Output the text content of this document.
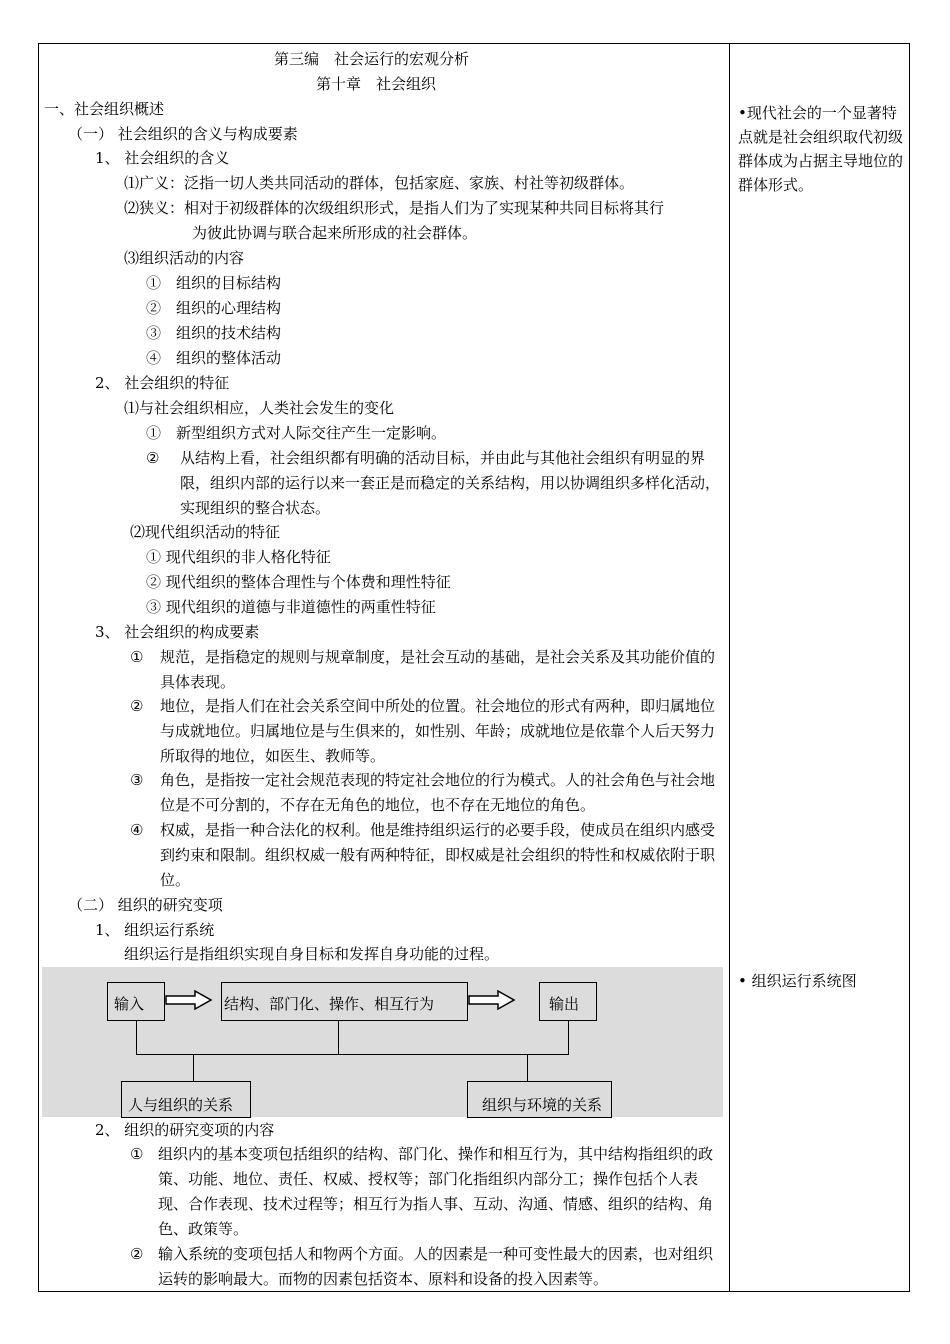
第三编　社会运行的宏观分析
第十章　社会组织
一、社会组织概述
（一） 社会组织的含义与构成要素
1、 社会组织的含义
⑴广义：泛指一切人类共同活动的群体，包括家庭、家族、村社等初级群体。
⑵狭义：相对于初级群体的次级组织形式，是指人们为了实现某种共同目标将其行
为彼此协调与联合起来所形成的社会群体。
⑶组织活动的内容
①　组织的目标结构
②　组织的心理结构
③　组织的技术结构
④　组织的整体活动
2、 社会组织的特征
⑴与社会组织相应，人类社会发生的变化
①　新型组织方式对人际交往产生一定影响。
② 从结构上看，社会组织都有明确的活动目标，并由此与其他社会组织有明显的界限，组织内部的运行以来一套正是而稳定的关系结构，用以协调组织多样化活动，实现组织的整合状态。
⑵现代组织活动的特征
① 现代组织的非人格化特征
② 现代组织的整体合理性与个体费和理性特征
③ 现代组织的道德与非道德性的两重性特征
3、 社会组织的构成要素
① 规范，是指稳定的规则与规章制度，是社会互动的基础，是社会关系及其功能价值的具体表现。
② 地位，是指人们在社会关系空间中所处的位置。社会地位的形式有两种，即归属地位与成就地位。归属地位是与生俱来的，如性别、年龄；成就地位是依靠个人后天努力所取得的地位，如医生、教师等。
③ 角色，是指按一定社会规范表现的特定社会地位的行为模式。人的社会角色与社会地位是不可分割的，不存在无角色的地位，也不存在无地位的角色。
④ 权威，是指一种合法化的权利。他是维持组织运行的必要手段，使成员在组织内感受到约束和限制。组织权威一般有两种特征，即权威是社会组织的特性和权威依附于职位。
（二） 组织的研究变项
1、 组织运行系统
组织运行是指组织实现自身目标和发挥自身功能的过程。
输入	结构、部门化、操作、相互行为	输出
人与组织的关系	组织与环境的关系
2、 组织的研究变项的内容
① 组织内的基本变项包括组织的结构、部门化、操作和相互行为，其中结构指组织的政策、功能、地位、责任、权威、授权等；部门化指组织内部分工；操作包括个人表现、合作表现、技术过程等；相互行为指人事、互动、沟通、情感、组织的结构、角色、政策等。
② 输入系统的变项包括人和物两个方面。人的因素是一种可变性最大的因素，也对组织运转的影响最大。而物的因素包括资本、原料和设备的投入因素等。
•现代社会的一个显著特点就是社会组织取代初级群体成为占据主导地位的群体形式。
• 组织运行系统图
